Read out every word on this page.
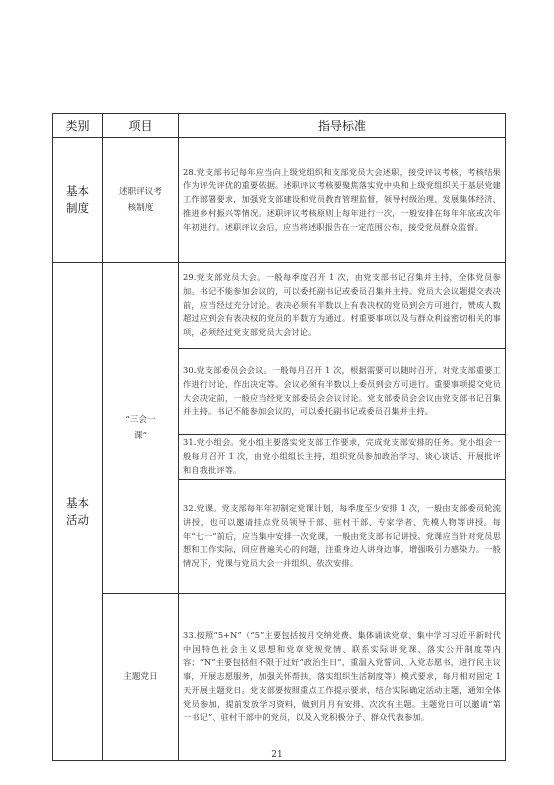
类别	项目	指导标准

基本制度	述职评议考核制度	28.党支部书记每年应当向上级党组织和支部党员大会述职，接受评议考核，考核结果作为评先评优的重要依据。述职评议考核要聚焦落实党中央和上级党组织关于基层党建工作部署要求，加强党支部建设和党员教育管理监督，领导村级治理、发展集体经济、推进乡村振兴等情况。述职评议考核原则上每年进行一次，一般安排在每年年底或次年年初进行。述职评议会后，应当将述职报告在一定范围公布，接受党员群众监督。

基本活动	“三会一课”	29.党支部党员大会。一般每季度召开 1 次，由党支部书记召集并主持，全体党员参加。书记不能参加会议的，可以委托副书记或委员召集并主持。党员大会议题提交表决前，应当经过充分讨论。表决必须有半数以上有表决权的党员到会方可进行，赞成人数超过应到会有表决权的党员的半数方为通过。村重要事项以及与群众利益密切相关的事项，必须经过党支部党员大会讨论。
		30.党支部委员会会议。一般每月召开 1 次，根据需要可以随时召开，对党支部重要工作进行讨论、作出决定等。会议必须有半数以上委员到会方可进行。重要事项提交党员大会决定前，一般应当经党支部委员会会议讨论。党支部委员会会议由党支部书记召集并主持。书记不能参加会议的，可以委托副书记或委员召集并主持。
		31.党小组会。党小组主要落实党支部工作要求，完成党支部安排的任务。党小组会一般每月召开 1 次，由党小组组长主持，组织党员参加政治学习、谈心谈话、开展批评和自我批评等。
		32.党课。党支部每年年初制定党课计划，每季度至少安排 1 次，一般由支部委员轮流讲授，也可以邀请挂点党员领导干部、驻村干部、专家学者、先模人物等讲授。每年“七一”前后，应当集中安排一次党课，一般由党支部书记讲授。党课应当针对党员思想和工作实际，回应普遍关心的问题，注重身边人讲身边事，增强吸引力感染力。一般情况下，党课与党员大会一并组织、依次安排。
	主题党日	33.按照“5+N”（“5”主要包括按月交纳党费、集体诵读党章、集中学习习近平新时代中国特色社会主义思想和党章党规党情、联系实际讲党课、落实公开制度等内容；“N”主要包括但不限于过好“政治生日”，重温入党誓词、入党志愿书，进行民主议事，开展志愿服务，加强关怀帮扶，落实组织生活制度等）模式要求，每月相对固定 1 天开展主题党日。党支部要按照重点工作提示要求，结合实际确定活动主题，通知全体党员参加，提前发放学习资料，做到月月有安排、次次有主题。主题党日可以邀请“第一书记”、驻村干部中的党员，以及入党积极分子、群众代表参加。
21
